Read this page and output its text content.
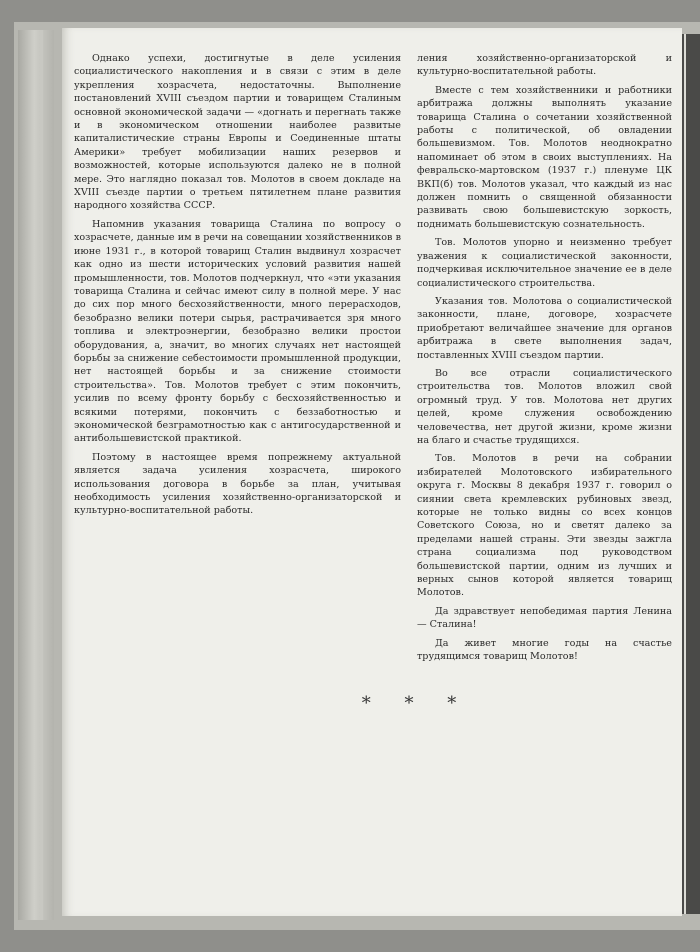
Однако успехи, достигнутые в деле усиления социалистического накопления и в связи с этим в деле укрепления хозрасчета, недостаточны. Выполнение постановлений XVIII съездом партии и товарищем Сталиным основной экономической задачи — «догнать и перегнать также и в экономическом отношении наиболее развитые капиталистические страны Европы и Соединенные штаты Америки» требует мобилизации наших резервов и возможностей, которые используются далеко не в полной мере. Это наглядно показал тов. Молотов в своем докладе на XVIII съезде партии о третьем пятилетнем плане развития народного хозяйства СССР.

Напомнив указания товарища Сталина по вопросу о хозрасчете, данные им в речи на совещании хозяйственников в июне 1931 г., в которой товарищ Сталин выдвинул хозрасчет как одно из шести исторических условий развития нашей промышленности, тов. Молотов подчеркнул, что «эти указания товарища Сталина и сейчас имеют силу в полной мере. У нас до сих пор много бесхозяйственности, много перерасходов, безобразно велики потери сырья, растрачивается зря много топлива и электроэнергии, безобразно велики простои оборудования, а, значит, во многих случаях нет настоящей борьбы за снижение себестоимости промышленной продукции, нет настоящей борьбы и за снижение стоимости строительства». Тов. Молотов требует с этим покончить, усилив по всему фронту борьбу с бесхозяйственностью и всякими потерями, покончить с беззаботностью и экономической безграмотностью как с антигосударственной и антибольшевистской практикой.

Поэтому в настоящее время попрежнему актуальной является задача усиления хозрасчета, широкого использования договора в борьбе за план, учитывая необходимость усиления хозяйственно-организаторской и культурно-воспитательной работы.

ления хозяйственно-организаторской и культурно-воспитательной работы.

Вместе с тем хозяйственники и работники арбитража должны выполнять указание товарища Сталина о сочетании хозяйственной работы с политической, об овладении большевизмом. Тов. Молотов неоднократно напоминает об этом в своих выступлениях. На февральско-мартовском (1937 г.) пленуме ЦК ВКП(б) тов. Молотов указал, что каждый из нас должен помнить о священной обязанности развивать свою большевистскую зоркость, поднимать большевистскую сознательность.

Тов. Молотов упорно и неизменно требует уважения к социалистической законности, подчеркивая исключительное значение ее в деле социалистического строительства.

Указания тов. Молотова о социалистической законности, плане, договоре, хозрасчете приобретают величайшее значение для органов арбитража в свете выполнения задач, поставленных XVIII съездом партии.

Во все отрасли социалистического строительства тов. Молотов вложил свой огромный труд. У тов. Молотова нет других целей, кроме служения освобождению человечества, нет другой жизни, кроме жизни на благо и счастье трудящихся.

Тов. Молотов в речи на собрании избирателей Молотовского избирательного округа г. Москвы 8 декабря 1937 г. говорил о сиянии света кремлевских рубиновых звезд, которые не только видны со всех концов Советского Союза, но и светят далеко за пределами нашей страны. Эти звезды зажгла страна социализма под руководством большевистской партии, одним из лучших и верных сынов которой является товарищ Молотов.

Да здравствует непобедимая партия Ленина — Сталина!

Да живет многие годы на счастье трудящимся товарищ Молотов!

* * *
